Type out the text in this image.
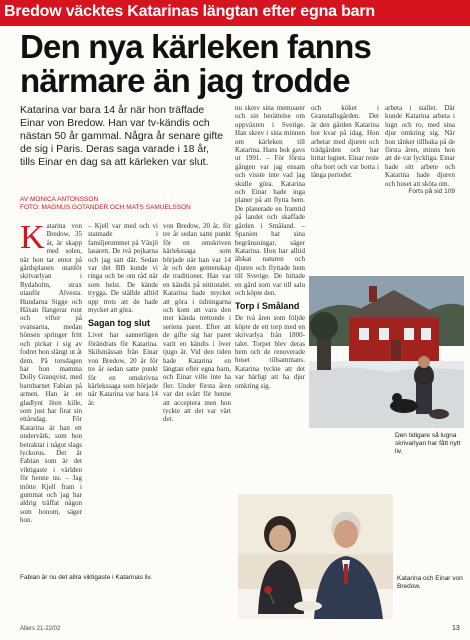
Bredow väcktes Katarinas längtan efter egna barn
Den nya kärleken fanns
närmare än jag trodde
Katarina var bara 14 år när hon träffade Einar von Bredow. Han var tv-kändis och nästan 50 år gammal. Några år senare gifte de sig i Paris. Deras saga varade i 18 år, tills Einar en dag sa att kärleken var slut.
AV MONICA ANTONSSON
FOTO: MAGNUS GOTANDER OCH MATS SAMUELSSON
K atarina von Bredow, 35 år, är skapp med solen, när hon tar emot på gårdsplanen utanför skrivarlyan i Rydaholm, strax utanför Alvesta. Hundarna Sigge och Häxan flangerar runt och vifter på svansarna, medan hönsen springer fritt och pickar i sig av fodret hon slängt ut åt dem. På torsdagen har hon mamma Dolly Granqvist, med barnbarnet Fabian på armen. Han är en gladlynt liten kille, som just har firat sin ettårsdag. För Katarina är han ett undervärk, som hon betraktar i något slags lyckorus. Det är Fabian som är det viktigaste i världen för henne nu. – Jag mötte Kjell fram i gummat och jag har aldrig träffat någon som honom, säger hon.

– Kjell var med och vi stannade i familjerummet på Växjö lasarett. De två pojkarna och jag satt där. Sedan var det BB kunde vi ringa och be om råd när som helst. De kände trygga. De ställde alltid upp trots att de hade mycket att göra.

Sagan tog slut

Livet har sannerligen förändrats för Katarina. Skilsmässan från Einar von Bredow, 20 år för tre år sedan satte punkt för en omskrivna kärlekssaga som började när Katarina var bara 14 år.

von Bredow, 20 år, för tre år sedan satte punkt för en omskriven kärlekssaga som började när han var 14 år och den gemenskap de traditioner. Han var en kändis på nittiotalet. Katarina hade mycket att göra i tidningarna och kom att vara den mer kända trettonde i seriens paret. Efter att de gifte sig har paret varit en kändis i över tjugo år. Vid den tiden hade Katarina en längtan efter egna barn, och Einar ville inte ha fler. Under första åren var det svårt för henne att acceptera men hon tyckte att det var värt det.

nu skrev sina memoarer och sin berättelse om uppväxten i Sverige. Han skrev i sina minnen om kärleken till Katarina. Hans bok gavs ut 1991. – För första gången var jag ensam och visste inte vad jag skulle göra. Katarina och Einar hade inga planer på att flytta hem. De planerade en framtid på landet och skaffade gården i Småland. – Spanien har sina begränsningar, säger Katarina. Hon har alltid älskat naturen och djuren och flyttade hem till Sverige. De hittade en gård som var till salu och köpte den.

Torp i Småland

De två åren som följde köpte de ett torp med en skrivarlya från 1800-talet. Torpet blev deras hem och de renoverade huset tillsammans. Katarina tyckte att det var härligt att ha djur omkring sig.

och köket i Granstallsgården. Det är den gården Katarina bor kvar på idag. Hon arbetar med djuren och trädgården och har hittat lugnet. Einar reste ofta bort och var borta i långa perioder.

arbeta i stallet. Där kunde Katarina arbeta i lugn och ro, med sina djur omkring sig. När hon tänker tillbaka på de första åren, minns hon att de var lyckliga. Einar hade sitt arbete och Katarina hade djuren och huset att sköta om.

Forts på sid 109
Den tidigare så lugna skrivarlyan har fått nytt liv.
Katarina och Einar von Bredow.
Fabian är nu det allra viktigaste i Katarinas liv.
Allers 21-22/02	13
